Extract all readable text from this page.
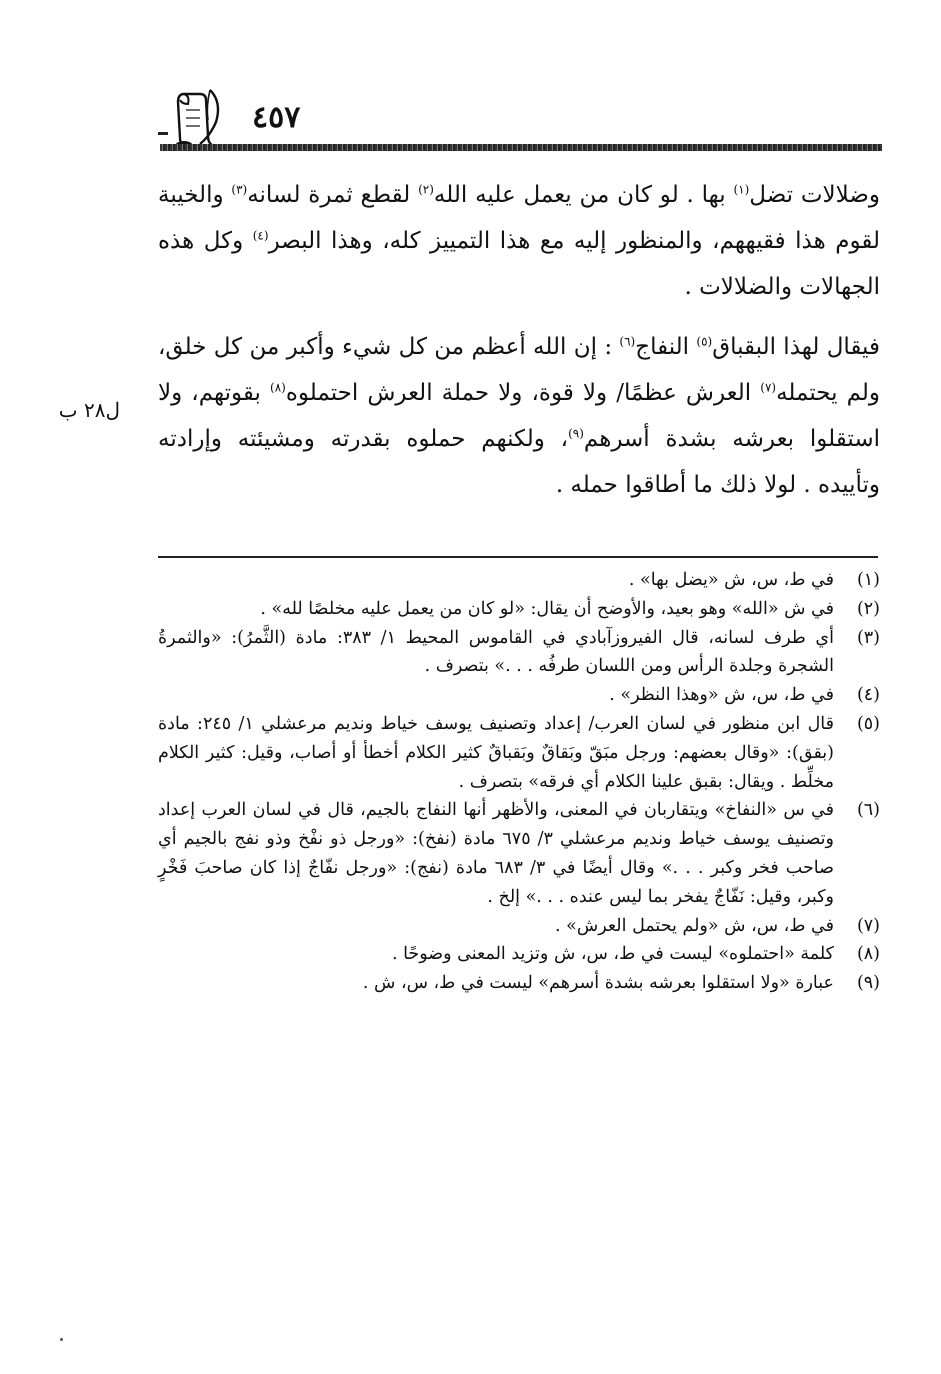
٤٥٧
ل٢٨ ب

وضلالات تضل$^{(١)}$ بها . لو كان من يعمل عليه الله$^{(٢)}$ لقطع ثمرة لسانه$^{(٣)}$ والخيبة لقوم هذا فقيههم، والمنظور إليه مع هذا التمييز كله، وهذا البصر$^{(٤)}$ وكل هذه الجهالات والضلالات .

فيقال لهذا البقباق$^{(٥)}$ النفاج$^{(٦)}$ : إن الله أعظم من كل شيء وأكبر من كل خلق، ولم يحتمله$^{(٧)}$ العرش عظمًا/ ولا قوة، ولا حملة العرش احتملوه$^{(٨)}$ بقوتهم، ولا استقلوا بعرشه بشدة أسرهم$^{(٩)}$، ولكنهم حملوه بقدرته ومشيئته وإرادته وتأييده . لولا ذلك ما أطاقوا حمله .

(١)
في ط، س، ش «يضل بها» .
(٢)
في ش «الله» وهو بعيد، والأوضح أن يقال: «لو كان من يعمل عليه مخلصًا لله» .
(٣)
أي طرف لسانه، قال الفيروزآبادي في القاموس المحيط ١/ ٣٨٣: مادة (الثَّمرُ): «والثمرةُ الشجرة وجلدة الرأس ومن اللسان طرفُه . . .» بتصرف .
(٤)
في ط، س، ش «وهذا النظر» .
(٥)
قال ابن منظور في لسان العرب/ إعداد وتصنيف يوسف خياط ونديم مرعشلي ١/ ٢٤٥: مادة (بقق): «وقال بعضهم: ورجل مبَقّ وبَقاقٌ وبَقباقٌ كثير الكلام أخطأ أو أصاب، وقيل: كثير الكلام مخلِّط . ويقال: بقبق علينا الكلام أي فرقه» بتصرف .
(٦)
في س «النفاخ» ويتقاربان في المعنى، والأظهر أنها النفاج بالجيم، قال في لسان العرب إعداد وتصنيف يوسف خياط ونديم مرعشلي ٣/ ٦٧٥ مادة (نفخ): «ورجل ذو نفْخ وذو نفج بالجيم أي صاحب فخر وكبر . . .» وقال أيضًا في ٣/ ٦٨٣ مادة (نفج): «ورجل نفّاجٌ إذا كان صاحبَ فَخْرٍ وكبر، وقيل: نَفّاجٌ يفخر بما ليس عنده . . .» إلخ .
(٧)
في ط، س، ش «ولم يحتمل العرش» .
(٨)
كلمة «احتملوه» ليست في ط، س، ش وتزيد المعنى وضوحًا .
(٩)
عبارة «ولا استقلوا بعرشه بشدة أسرهم» ليست في ط، س، ش .
